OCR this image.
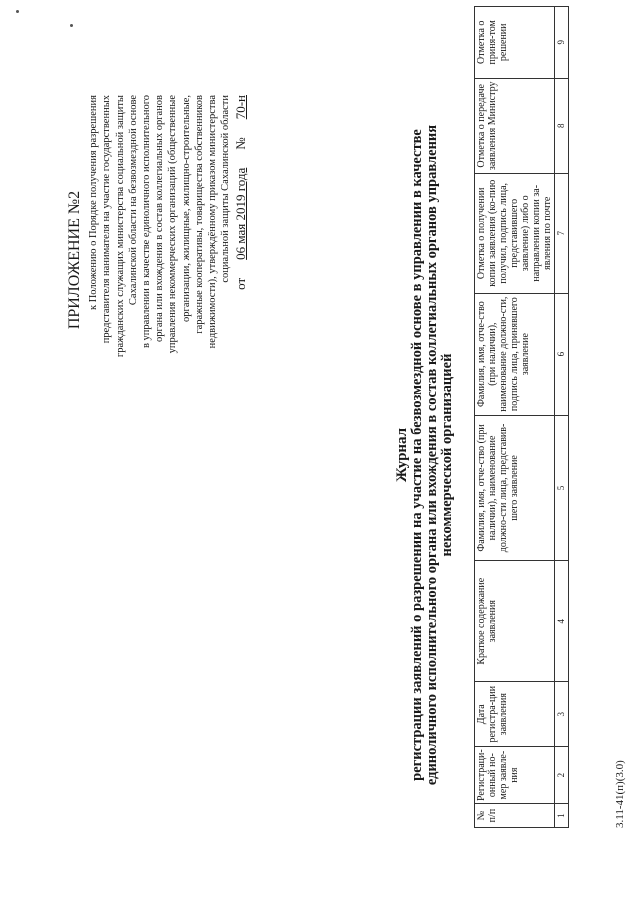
ПРИЛОЖЕНИЕ №2 к Положению о Порядке получения разрешения представителя нанимателя на участие государственных гражданских служащих министерства социальной защиты Сахалинской области на безвозмездной основе в управлении в качестве единоличного исполнительного органа или вхождения в состав коллегиальных органов управления некоммерческих организаций (общественные организации, жилищные, жилищно-строительные, гаражные кооперативы, товарищества собственников недвижимости), утверждённому приказом министерства социальной защиты Сахалинской области
от
06 мая 2019 года
№
70-н
Журнал регистрации заявлений о разрешении на участие на безвозмездной основе в управлении в качестве единоличного исполнительного органа или вхождения в состав коллегиальных органов управления некоммерческой организацией
№ п/п	Регистраци-онный но-мер заявле-ния	Дата регистра-ции заявления	Краткое содержание заявления	Фамилия, имя, отче-ство (при наличии), наименование должно-сти лица, представив-шего заявление	Фамилия, имя, отче-ство (при наличии), наименование должно-сти, подпись лица, принявшего заявление	Отметка о получении копии заявления (ко-пию получил, подпись лица, представившего заявление) либо о направлении копии за-явления по почте	Отметка о передаче заявления Министру	Отметка о приня-том решении
1	2	3	4	5	6	7	8	9
3.11-41(п)(3.0)
